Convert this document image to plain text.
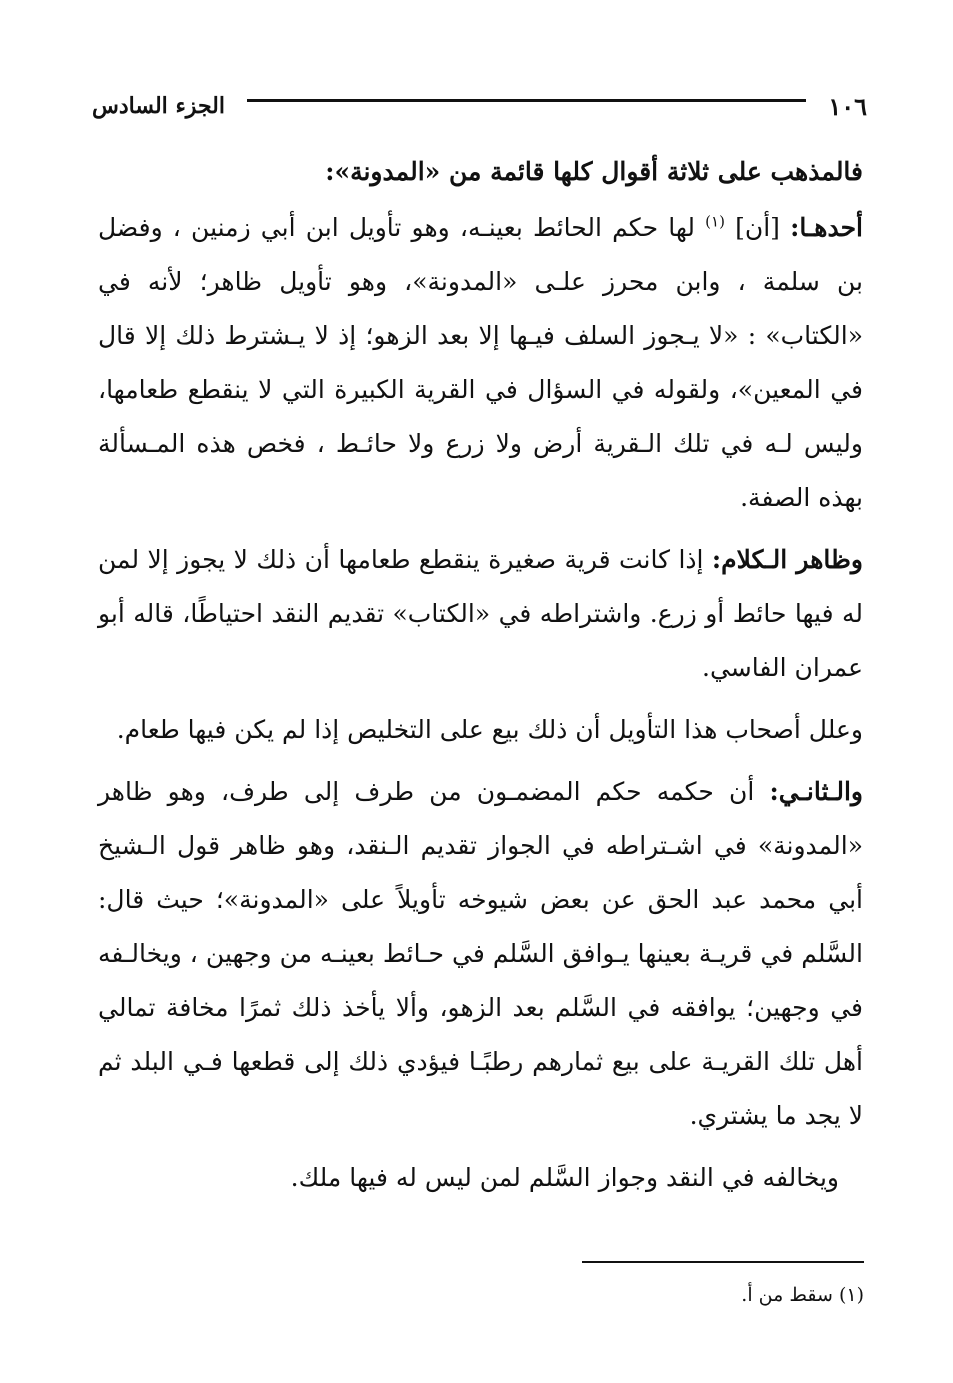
١٠٦
الجزء السادس

فالمذهب على ثلاثة أقوال كلها قائمة من «المدونة»:

أحدهـا: [أن] $^{(١)}$ لها حكم الحائط بعينـه، وهو تأويل ابن أبي زمنين ، وفضل بن سلمة ، وابن محرز علـى «المدونة»، وهو تأويل ظاهر؛ لأنه في «الكتاب» : «لا يـجوز السلف فيـها إلا بعد الزهو؛ إذ لا يـشترط ذلك إلا قال في المعين»، ولقوله في السؤال في القرية الكبيرة التي لا ينقطع طعامها، وليس لـه في تلك الـقرية أرض ولا زرع ولا حائـط ، فخص هذه المـسألة بهذه الصفة.

وظاهر الـكلام: إذا كانت قرية صغيرة ينقطع طعامها أن ذلك لا يجوز إلا لمن له فيها حائط أو زرع. واشتراطه في «الكتاب» تقديم النقد احتياطًا، قاله أبو عمران الفاسي.

وعلل أصحاب هذا التأويل أن ذلك بيع على التخليص إذا لم يكن فيها طعام.

والـثانـي: أن حكمه حكم المضمـون من طرف إلى طرف، وهو ظاهر «المدونة» في اشـتراطه في الجواز تقديم الـنقد، وهو ظاهر قول الـشيخ أبي محمد عبد الحق عن بعض شيوخه تأويلاً على «المدونة»؛ حيث قال: السَّلم في قريـة بعينها يـوافق السَّلم في حـائط بعينـه من وجهين ، ويخالـفه في وجهين؛ يوافقه في السَّلم بعد الزهو، وألا يأخذ ذلك ثمرًا مخافة تمالي أهل تلك القريـة على بيع ثمارهم رطبًـا فيؤدي ذلك إلى قطعها فـي البلد ثم لا يجد ما يشتري.

ويخالفه في النقد وجواز السَّلم لمن ليس له فيها ملك.

(١) سقط من أ.
